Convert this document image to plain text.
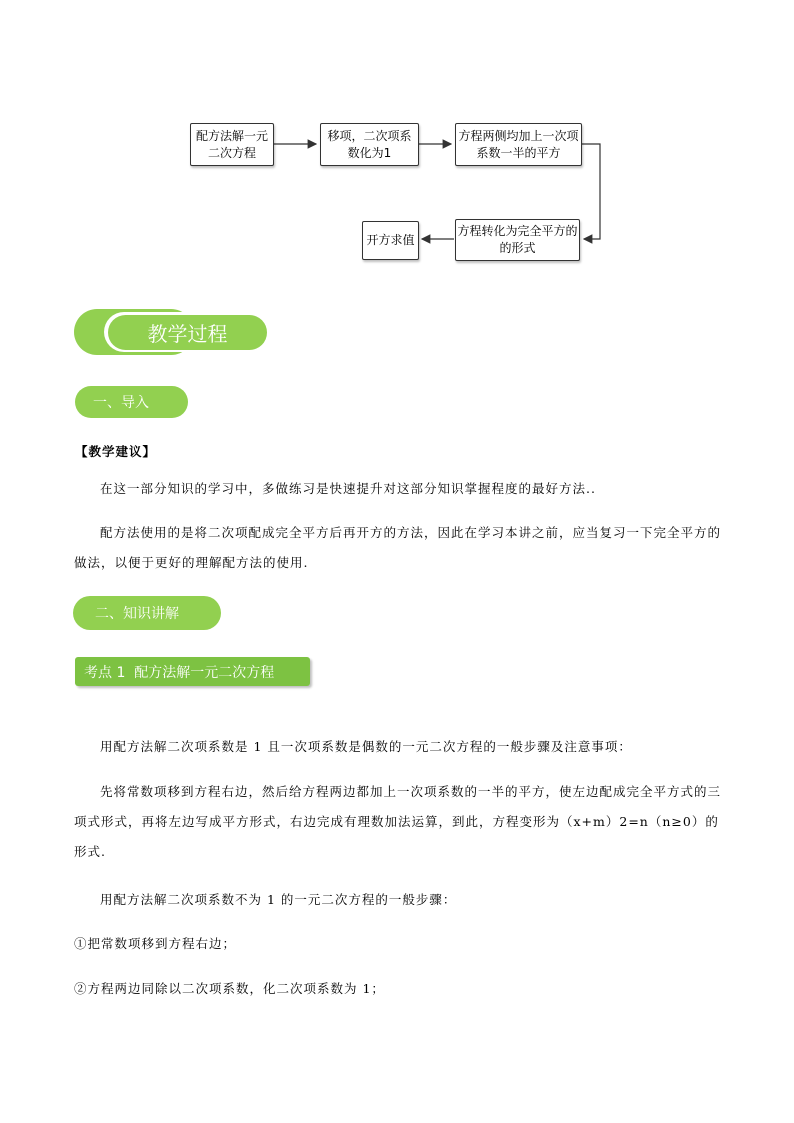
配方法解一元
二次方程
移项，二次项系
数化为1
方程两侧均加上一次项
系数一半的平方
方程转化为完全平方的
的形式
开方求值
教学过程
一、导入
【教学建议】
在这一部分知识的学习中，多做练习是快速提升对这部分知识掌握程度的最好方法..
配方法使用的是将二次项配成完全平方后再开方的方法，因此在学习本讲之前，应当复习一下完全平方的做法，以便于更好的理解配方法的使用.
二、知识讲解
考点 1  配方法解一元二次方程
用配方法解二次项系数是 1 且一次项系数是偶数的一元二次方程的一般步骤及注意事项：
先将常数项移到方程右边，然后给方程两边都加上一次项系数的一半的平方，使左边配成完全平方式的三项式形式，再将左边写成平方形式，右边完成有理数加法运算，到此，方程变形为（x+m）2=n（n≥0）的形式.
用配方法解二次项系数不为 1 的一元二次方程的一般步骤：
①把常数项移到方程右边；
②方程两边同除以二次项系数，化二次项系数为 1；
